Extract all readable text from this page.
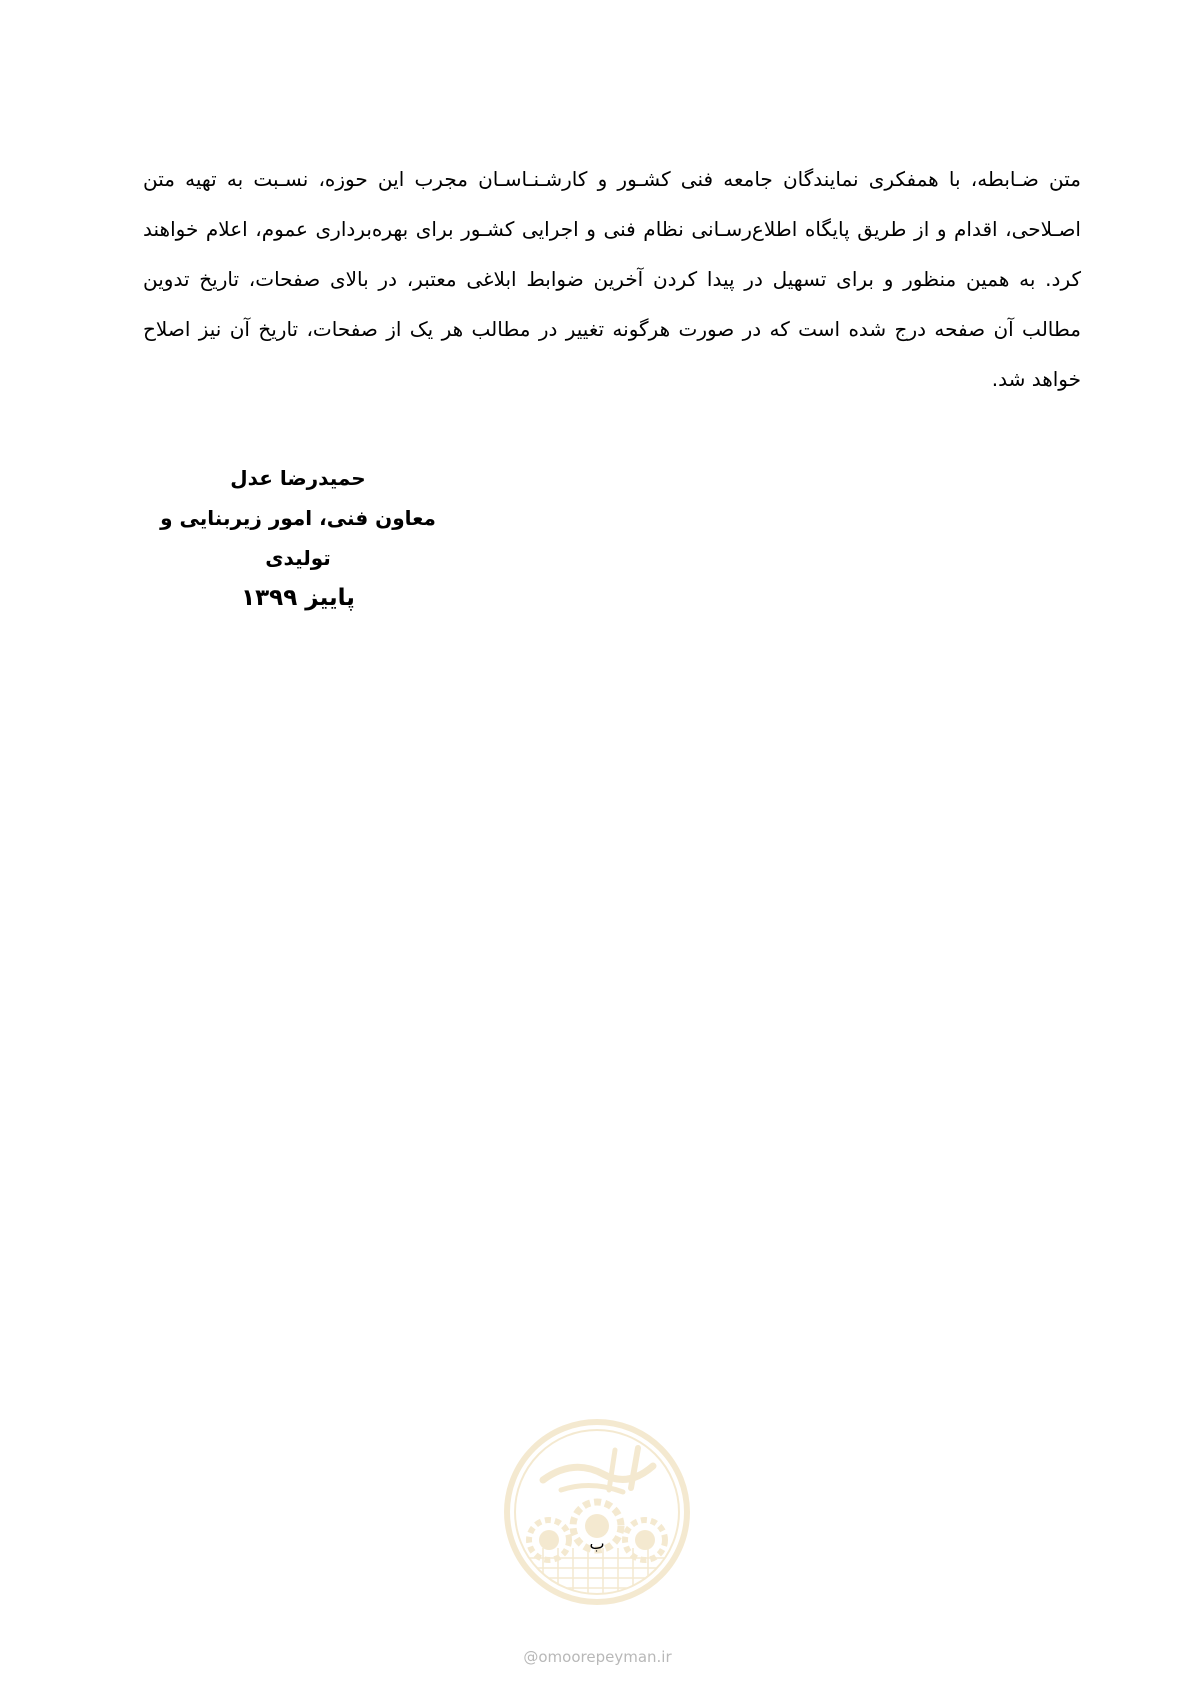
متن ضـابطه، با همفکری نمایندگان جامعه فنی کشـور و کارشـنـاسـان مجرب این حوزه، نسـبت به تهیه متن اصـلاحی، اقدام و از طریق پایگاه اطلاع‌رسـانی نظام فنی و اجرایی کشـور برای بهره‌برداری عموم، اعلام خواهند کرد. به همین منظور و برای تسهیل در پیدا کردن آخرین ضوابط ابلاغی معتبر، در بالای صفحات، تاریخ تدوین مطالب آن صفحه درج شده است که در صورت هرگونه تغییر در مطالب هر یک از صفحات، تاریخ آن نیز اصلاح خواهد شد.

حمیدرضا عدل
معاون فنی، امور زیربنایی و تولیدی
پاییز ۱۳۹۹
ب
@omoorepeyman.ir
